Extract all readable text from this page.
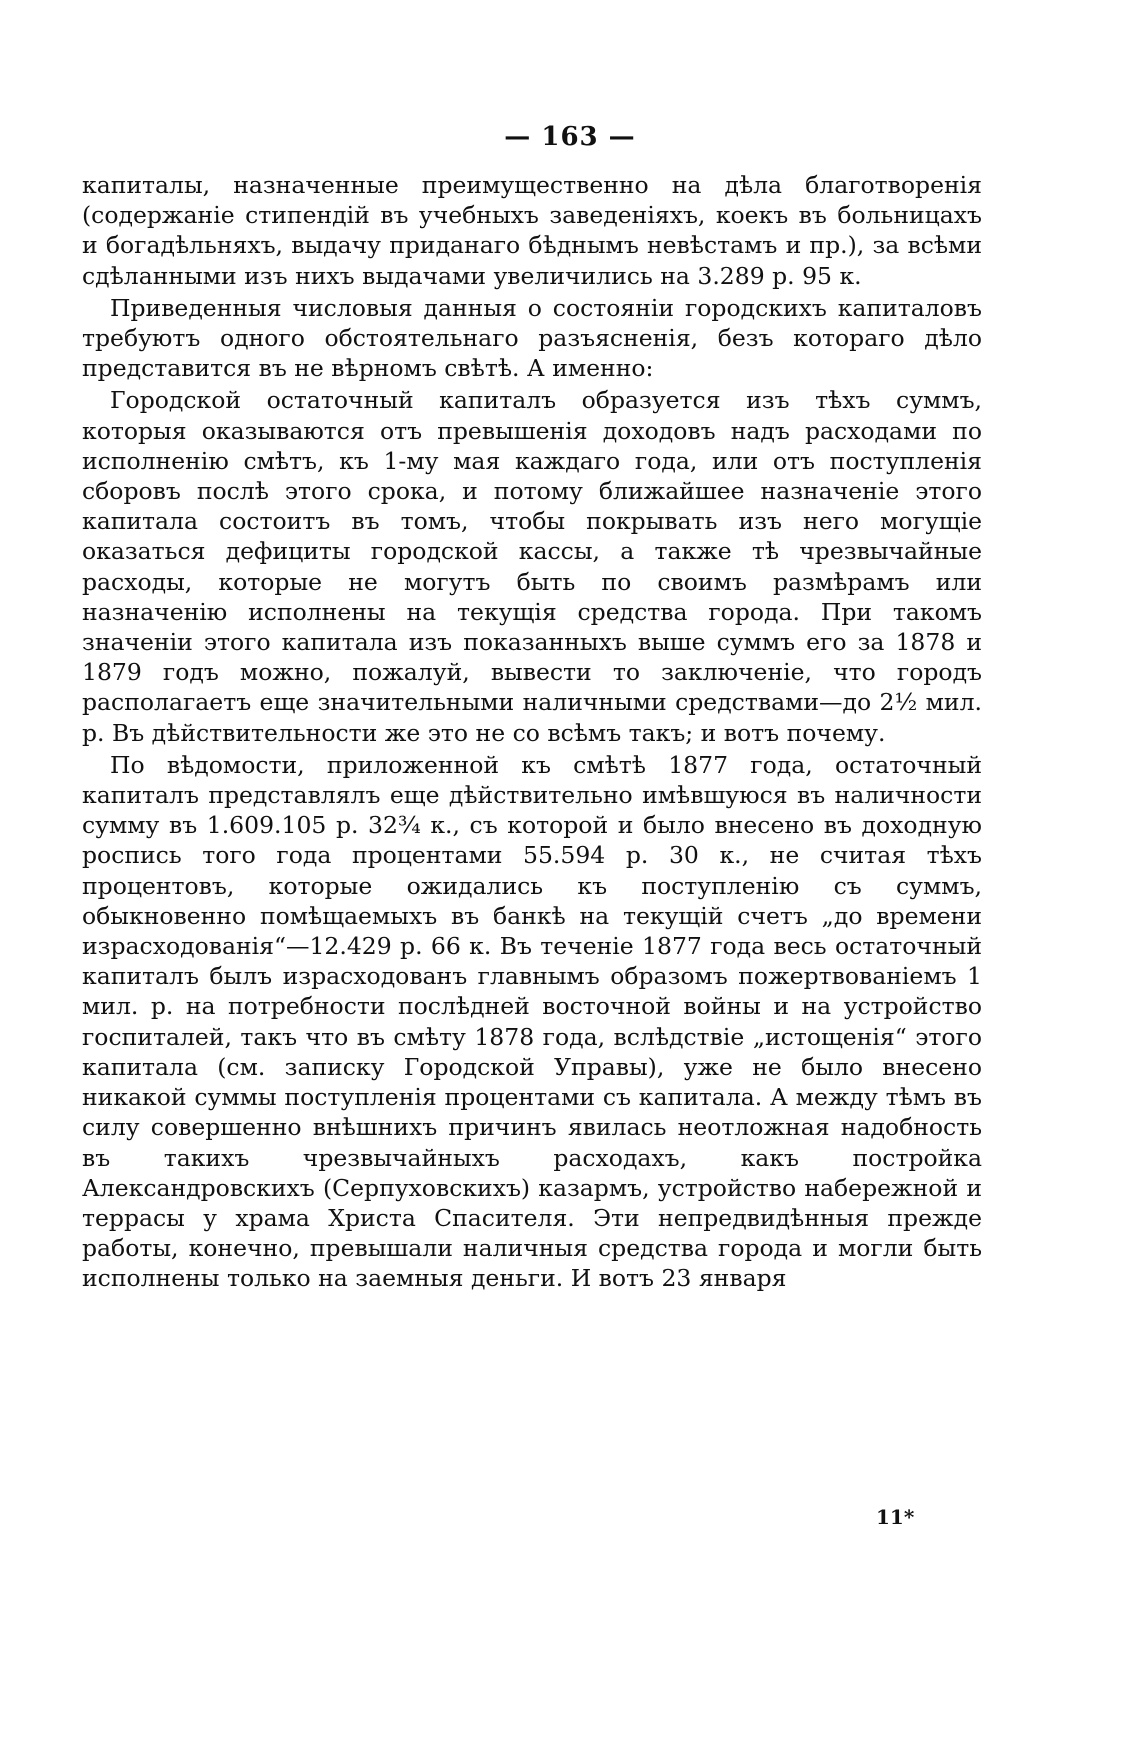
— 163 —

капиталы, назначенные преимущественно на дѣла благотворенія (содержаніе стипендій въ учебныхъ заведеніяхъ, коекъ въ больницахъ и богадѣльняхъ, выдачу приданаго бѣднымъ невѣстамъ и пр.), за всѣми сдѣланными изъ нихъ выдачами увеличились на 3.289 р. 95 к.

Приведенныя числовыя данныя о состояніи городскихъ капиталовъ требуютъ одного обстоятельнаго разъясненія, безъ котораго дѣло представится въ не вѣрномъ свѣтѣ. А именно:

Городской остаточный капиталъ образуется изъ тѣхъ суммъ, которыя оказываются отъ превышенія доходовъ надъ расходами по исполненію смѣтъ, къ 1-му мая каждаго года, или отъ поступленія сборовъ послѣ этого срока, и потому ближайшее назначеніе этого капитала состоитъ въ томъ, чтобы покрывать изъ него могущіе оказаться дефициты городской кассы, а также тѣ чрезвычайные расходы, которые не могутъ быть по своимъ размѣрамъ или назначенію исполнены на текущія средства города. При такомъ значеніи этого капитала изъ показанныхъ выше суммъ его за 1878 и 1879 годъ можно, пожалуй, вывести то заключеніе, что городъ располагаетъ еще значительными наличными средствами—до 2½ мил. р. Въ дѣйствительности же это не со всѣмъ такъ; и вотъ почему.

По вѣдомости, приложенной къ смѣтѣ 1877 года, остаточный капиталъ представлялъ еще дѣйствительно имѣвшуюся въ наличности сумму въ 1.609.105 р. 32¾ к., съ которой и было внесено въ доходную роспись того года процентами 55.594 р. 30 к., не считая тѣхъ процентовъ, которые ожидались къ поступленію съ суммъ, обыкновенно помѣщаемыхъ въ банкѣ на текущій счетъ „до времени израсходованія“—12.429 р. 66 к. Въ теченіе 1877 года весь остаточный капиталъ былъ израсходованъ главнымъ образомъ пожертвованіемъ 1 мил. р. на потребности послѣдней восточной войны и на устройство госпиталей, такъ что въ смѣту 1878 года, вслѣдствіе „истощенія“ этого капитала (см. записку Городской Управы), уже не было внесено никакой суммы поступленія процентами съ капитала. А между тѣмъ въ силу совершенно внѣшнихъ причинъ явилась неотложная надобность въ такихъ чрезвычайныхъ расходахъ, какъ постройка Александровскихъ (Серпуховскихъ) казармъ, устройство набережной и террасы у храма Христа Спасителя. Эти непредвидѣнныя прежде работы, конечно, превышали наличныя средства города и могли быть исполнены только на заемныя деньги. И вотъ 23 января

11*
